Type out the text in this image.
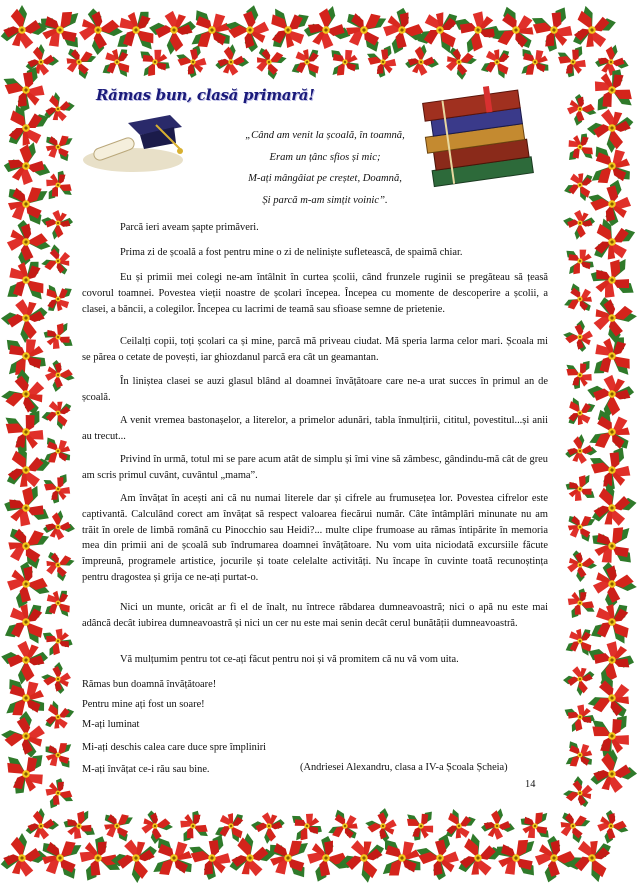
Rămas bun, clasă primară!
„Când am venit la școală, în toamnă,
Eram un țânc sfios și mic;
M-ați mângâiat pe creștet, Doamnă,
Și parcă m-am simțit voinic”.
Parcă ieri aveam șapte primăveri.
Prima zi de școală a fost pentru mine o zi de neliniște sufletească, de spaimă chiar.
Eu și primii mei colegi ne-am întâlnit în curtea școlii, când frunzele ruginii se pregăteau să țeasă covorul toamnei. Povestea vieții noastre de școlari începea. Începea cu momente de descoperire a școlii, a clasei, a băncii, a colegilor. Începea cu lacrimi de teamă sau sfioase semne de prietenie.
Ceilalți copii, toți școlari ca și mine, parcă mă priveau ciudat. Mă speria larma celor mari. Școala mi se părea o cetate de povești, iar ghiozdanul parcă era cât un geamantan.
În liniștea clasei se auzi glasul blând al doamnei învățătoare care ne-a urat succes în primul an de școală.
A venit vremea bastonașelor, a literelor, a primelor adunări, tabla înmulțirii, cititul, povestitul...și anii au trecut...
Privind în urmă, totul mi se pare acum atât de simplu și îmi vine să zâmbesc, gândindu-mă cât de greu am scris primul cuvânt, cuvântul „mama”.
Am învățat în acești ani că nu numai literele dar și cifrele au frumusețea lor. Povestea cifrelor este captivantă. Calculând corect am învățat să respect valoarea fiecărui număr. Câte întâmplări minunate nu am trăit în orele de limbă română cu Pinocchio sau Heidi?... multe clipe frumoase au rămas întipărite în memoria mea din primii ani de școală sub îndrumarea doamnei învățătoare. Nu vom uita niciodată excursiile făcute împreună, programele artistice, jocurile și toate celelalte activități. Nu încape în cuvinte toată recunoștința pentru dragostea și grija ce ne-ați purtat-o.
Nici un munte, oricât ar fi el de înalt, nu întrece răbdarea dumneavoastră; nici o apă nu este mai adâncă decât iubirea dumneavoastră și nici un cer nu este mai senin decât cerul bunătății dumneavoastră.
Vă mulțumim pentru tot ce-ați făcut pentru noi și vă promitem că nu vă vom uita.
Rămas bun doamnă învățătoare!
Pentru mine ați fost un soare!
M-ați luminat
Mi-ați deschis calea care duce spre împliniri
M-ați învățat ce-i rău sau bine.	(Andriesei Alexandru, clasa a IV-a Școala Șcheia)
14
